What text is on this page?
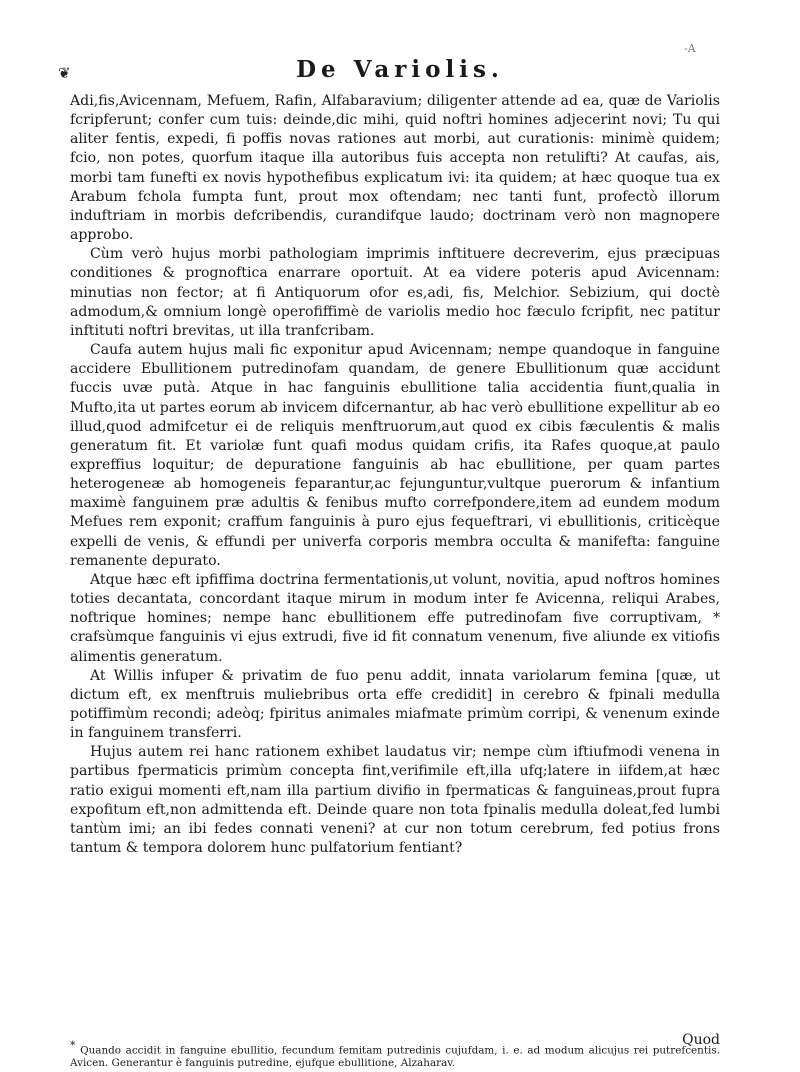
-A
❦	De Variolis.

Adi,fis,Avicennam, Mefuem, Rafin, Alfabaravium; diligenter attende ad ea, quæ de Variolis fcripferunt; confer cum tuis: deinde,dic mihi, quid noftri homines adjecerint novi; Tu qui aliter fentis, expedi, fi poffis novas rationes aut morbi, aut curationis: minimè quidem; fcio, non potes, quorfum itaque illa autoribus fuis accepta non retulifti? At caufas, ais, morbi tam funefti ex novis hypothefibus explicatum ivi: ita quidem; at hæc quoque tua ex Arabum fchola fumpta funt, prout mox oftendam; nec tanti funt, profectò illorum induftriam in morbis defcribendis, curandifque laudo; doctrinam verò non magnopere approbo.

Cùm verò hujus morbi pathologiam imprimis inftituere decreverim, ejus præcipuas conditiones & prognoftica enarrare oportuit. At ea videre poteris apud Avicennam: minutias non fector; at fi Antiquorum ofor es,adi, fis, Melchior. Sebizium, qui doctè admodum,& omnium longè operofiffimè de variolis medio hoc fæculo fcripfit, nec patitur inftituti noftri brevitas, ut illa tranfcribam.

Caufa autem hujus mali fic exponitur apud Avicennam; nempe quandoque in fanguine accidere Ebullitionem putredinofam quandam, de genere Ebullitionum quæ accidunt fuccis uvæ putà. Atque in hac fanguinis ebullitione talia accidentia fiunt,qualia in Mufto,ita ut partes eorum ab invicem difcernantur, ab hac verò ebullitione expellitur ab eo illud,quod admifcetur ei de reliquis menftruorum,aut quod ex cibis fæculentis & malis generatum fit. Et variolæ funt quafi modus quidam crifis, ita Rafes quoque,at paulo expreffius loquitur; de depuratione fanguinis ab hac ebullitione, per quam partes heterogeneæ ab homogeneis feparantur,ac fejunguntur,vultque puerorum & infantium maximè fanguinem præ adultis & fenibus mufto correfpondere,item ad eundem modum Mefues rem exponit; craffum fanguinis à puro ejus fequeftrari, vi ebullitionis, criticèque expelli de venis, & effundi per univerfa corporis membra occulta & manifefta: fanguine remanente depurato.

Atque hæc eft ipfiffima doctrina fermentationis,ut volunt, novitia, apud noftros homines toties decantata, concordant itaque mirum in modum inter fe Avicenna, reliqui Arabes, noftrique homines; nempe hanc ebullitionem effe putredinofam five corruptivam, * crafsùmque fanguinis vi ejus extrudi, five id fit connatum venenum, five aliunde ex vitiofis alimentis generatum.

At Willis infuper & privatim de fuo penu addit, innata variolarum femina [quæ, ut dictum eft, ex menftruis muliebribus orta effe credidit] in cerebro & fpinali medulla potiffimùm recondi; adeòq; fpiritus animales miafmate primùm corripi, & venenum exinde in fanguinem transferri.

Hujus autem rei hanc rationem exhibet laudatus vir; nempe cùm iftiufmodi venena in partibus fpermaticis primùm concepta fint,verifimile eft,illa ufq;latere in iifdem,at hæc ratio exigui momenti eft,nam illa partium divifio in fpermaticas & fanguineas,prout fupra expofitum eft,non admittenda eft. Deinde quare non tota fpinalis medulla doleat,fed lumbi tantùm imi; an ibi fedes connati veneni? at cur non totum cerebrum, fed potius frons tantum & tempora dolorem hunc pulfatorium fentiant?

Quod
* Quando accidit in fanguine ebullitio, fecundum femitam putredinis cujufdam, i. e. ad modum alicujus rei putrefcentis. Avicen. Generantur è fanguinis putredine, ejufque ebullitione, Alzaharav.
